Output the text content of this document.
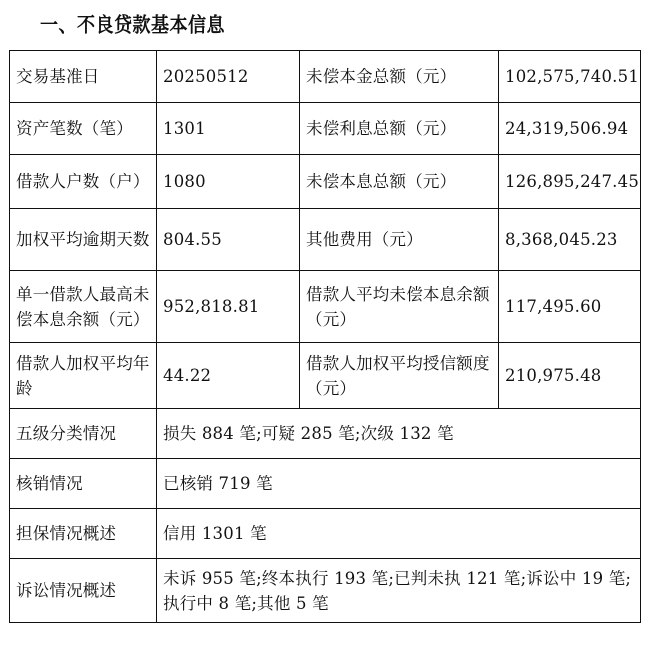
一、不良贷款基本信息
交易基准日	20250512	未偿本金总额（元）	102,575,740.51
资产笔数（笔）	1301	未偿利息总额（元）	24,319,506.94
借款人户数（户）	1080	未偿本息总额（元）	126,895,247.45
加权平均逾期天数	804.55	其他费用（元）	8,368,045.23
单一借款人最高未偿本息余额（元）	952,818.81	借款人平均未偿本息余额（元）	117,495.60
借款人加权平均年龄	44.22	借款人加权平均授信额度（元）	210,975.48
五级分类情况	损失 884 笔;可疑 285 笔;次级 132 笔		
核销情况	已核销 719 笔		
担保情况概述	信用 1301 笔		
诉讼情况概述	未诉 955 笔;终本执行 193 笔;已判未执 121 笔;诉讼中 19 笔;执行中 8 笔;其他 5 笔		
